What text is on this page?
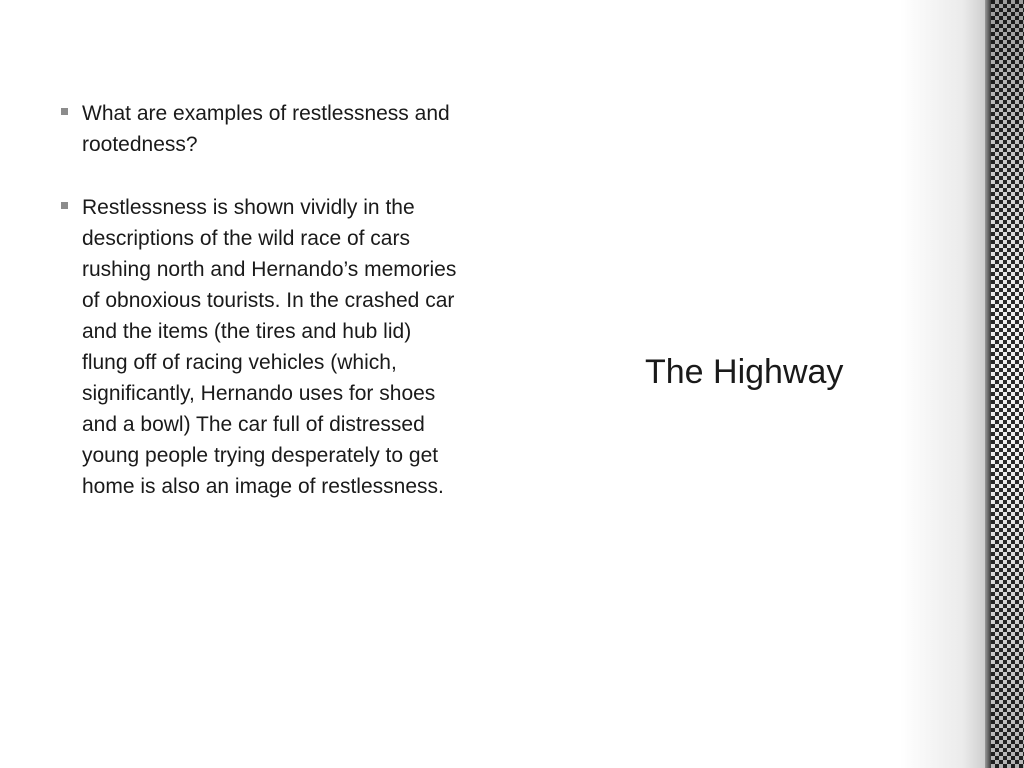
What are examples of restlessness and rootedness?
Restlessness is shown vividly in the descriptions of the wild race of cars rushing north and Hernando’s memories of obnoxious tourists. In the crashed car and the items (the tires and hub lid) flung off of racing vehicles (which, significantly, Hernando uses for shoes and a bowl) The car full of distressed young people trying desperately to get home is also an image of restlessness.
The Highway
